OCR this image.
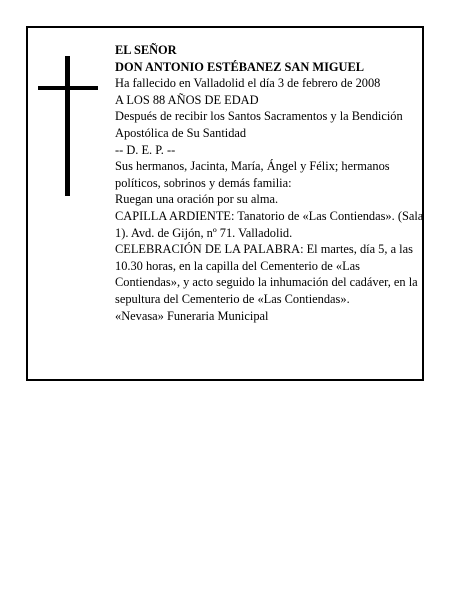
EL SEÑOR

DON ANTONIO ESTÉBANEZ SAN MIGUEL

Ha fallecido en Valladolid el día 3 de febrero de 2008

A LOS 88 AÑOS DE EDAD

Después de recibir los Santos Sacramentos y la Bendición Apostólica de Su Santidad

-- D. E. P. --

Sus hermanos, Jacinta, María, Ángel y Félix; hermanos políticos, sobrinos y demás familia:

Ruegan una oración por su alma.

CAPILLA ARDIENTE: Tanatorio de «Las Contiendas». (Sala 1). Avd. de Gijón, nº 71. Valladolid.

CELEBRACIÓN DE LA PALABRA: El martes, día 5, a las 10.30 horas, en la capilla del Cementerio de «Las Contiendas», y acto seguido la inhumación del cadáver, en la sepultura del Cementerio de «Las Contiendas».

«Nevasa» Funeraria Municipal
